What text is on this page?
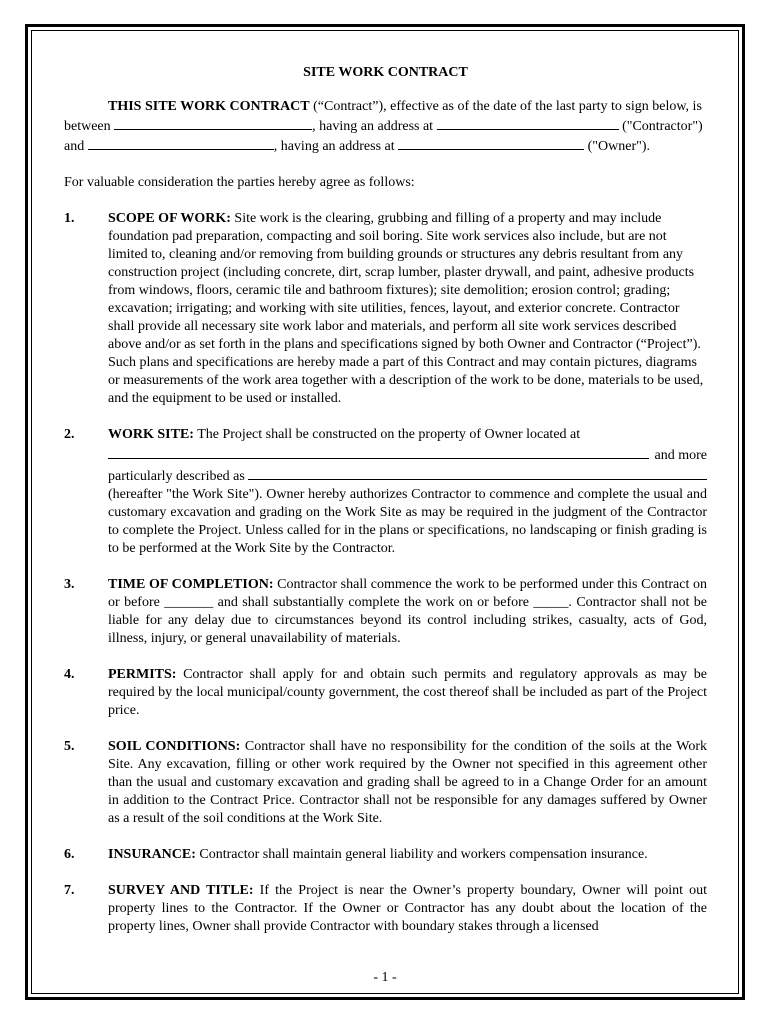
SITE WORK CONTRACT

THIS SITE WORK CONTRACT (“Contract”), effective as of the date of the last party to sign below, is between	, having an address at	("Contractor") and	, having an address at	("Owner").

For valuable consideration the parties hereby agree as follows:

1.	SCOPE OF WORK: Site work is the clearing, grubbing and filling of a property and may include foundation pad preparation, compacting and soil boring. Site work services also include, but are not limited to, cleaning and/or removing from building grounds or structures any debris resultant from any construction project (including concrete, dirt, scrap lumber, plaster drywall, and paint, adhesive products from windows, floors, ceramic tile and bathroom fixtures); site demolition; erosion control; grading; excavation; irrigating; and working with site utilities, fences, layout, and exterior concrete. Contractor shall provide all necessary site work labor and materials, and perform all site work services described above and/or as set forth in the plans and specifications signed by both Owner and Contractor (“Project”). Such plans and specifications are hereby made a part of this Contract and may contain pictures, diagrams or measurements of the work area together with a description of the work to be done, materials to be used, and the equipment to be used or installed.
2.	WORK SITE: The Project shall be constructed on the property of Owner located at
and more
particularly described as
(hereafter "the Work Site"). Owner hereby authorizes Contractor to commence and complete the usual and customary excavation and grading on the Work Site as may be required in the judgment of the Contractor to complete the Project. Unless called for in the plans or specifications, no landscaping or finish grading is to be performed at the Work Site by the Contractor.
3.	TIME OF COMPLETION: Contractor shall commence the work to be performed under this Contract on or before _______ and shall substantially complete the work on or before _____. Contractor shall not be liable for any delay due to circumstances beyond its control including strikes, casualty, acts of God, illness, injury, or general unavailability of materials.
4.	PERMITS: Contractor shall apply for and obtain such permits and regulatory approvals as may be required by the local municipal/county government, the cost thereof shall be included as part of the Project price.
5.	SOIL CONDITIONS: Contractor shall have no responsibility for the condition of the soils at the Work Site. Any excavation, filling or other work required by the Owner not specified in this agreement other than the usual and customary excavation and grading shall be agreed to in a Change Order for an amount in addition to the Contract Price. Contractor shall not be responsible for any damages suffered by Owner as a result of the soil conditions at the Work Site.
6.	INSURANCE: Contractor shall maintain general liability and workers compensation insurance.
7.	SURVEY AND TITLE: If the Project is near the Owner’s property boundary, Owner will point out property lines to the Contractor. If the Owner or Contractor has any doubt about the location of the property lines, Owner shall provide Contractor with boundary stakes through a licensed
- 1 -
